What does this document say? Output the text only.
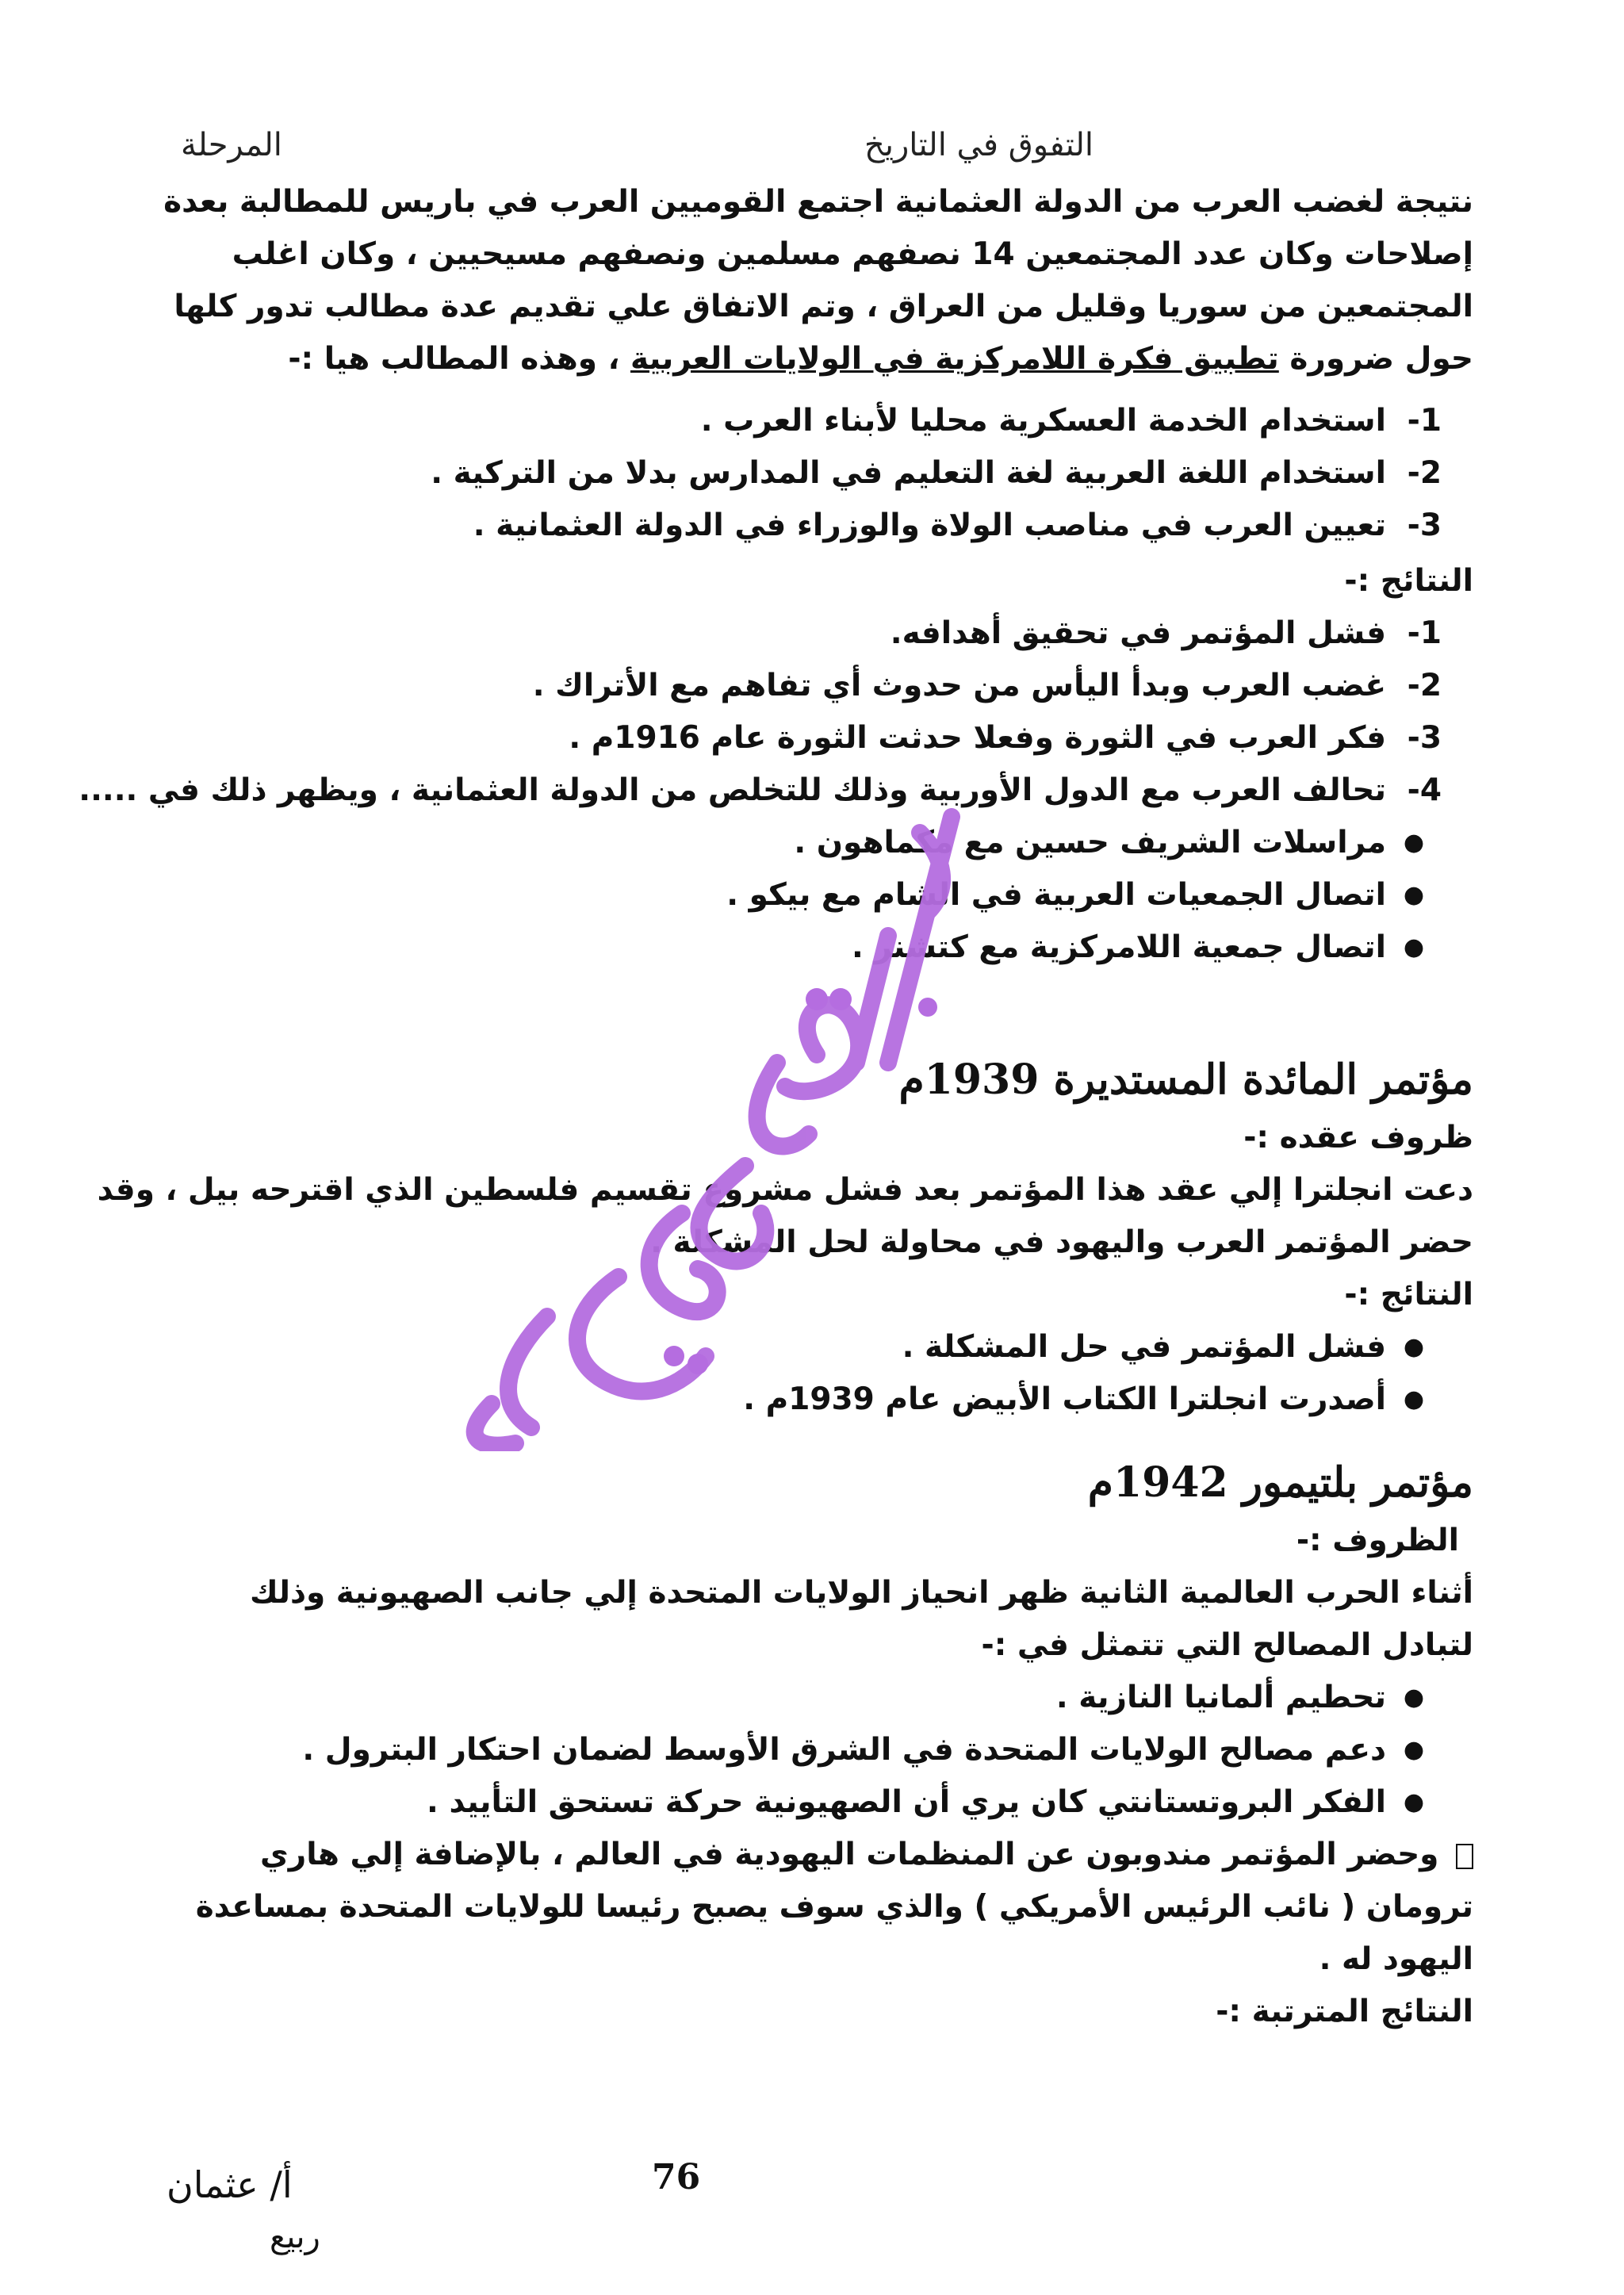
المرحلة	التفوق في التاريخ

نتيجة لغضب العرب من الدولة العثمانية اجتمع القوميين العرب في باريس للمطالبة بعدة

إصلاحات وكان عدد المجتمعين 14 نصفهم مسلمين ونصفهم مسيحيين ، وكان اغلب

المجتمعين من سوريا وقليل من العراق ، وتم الاتفاق علي تقديم عدة مطالب تدور كلها

حول ضرورة تطبيق فكرة اللامركزية في الولايات العربية ، وهذه المطالب هيا :-

1-
استخدام الخدمة العسكرية محليا لأبناء العرب .
2-
استخدام اللغة العربية لغة التعليم في المدارس بدلا من التركية .
3-
تعيين العرب في مناصب الولاة والوزراء في الدولة العثمانية .

النتائج :-

1-
فشل المؤتمر في تحقيق أهدافه.
2-
غضب العرب وبدأ اليأس من حدوث أي تفاهم مع الأتراك .
3-
فكر العرب في الثورة وفعلا حدثت الثورة عام 1916م .
4-
تحالف العرب مع الدول الأوربية وذلك للتخلص من الدولة العثمانية ، ويظهر ذلك في .....
●
مراسلات الشريف حسين مع مكماهون .
●
اتصال الجمعيات العربية في الشام مع بيكو .
●
اتصال جمعية اللامركزية مع كتشنر .

مؤتمر المائدة المستديرة 1939م

ظروف عقده :-

دعت انجلترا إلي عقد هذا المؤتمر بعد فشل مشروع تقسيم فلسطين الذي اقترحه بيل ، وقد

حضر المؤتمر العرب واليهود في محاولة لحل المشكلة .

النتائج :-

●
فشل المؤتمر في حل المشكلة .
●
أصدرت انجلترا الكتاب الأبيض عام 1939م .

مؤتمر بلتيمور 1942م

الظروف :-

أثناء الحرب العالمية الثانية ظهر انحياز الولايات المتحدة إلي جانب الصهيونية وذلك

لتبادل المصالح التي تتمثل في :-

●
تحطيم ألمانيا النازية .
●
دعم مصالح الولايات المتحدة في الشرق الأوسط لضمان احتكار البترول .
●
الفكر البروتستانتي كان يري أن الصهيونية حركة تستحق التأييد .

وحضر المؤتمر مندوبون عن المنظمات اليهودية في العالم ، بالإضافة إلي هاري

ترومان ( نائب الرئيس الأمريكي ) والذي سوف يصبح رئيسا للولايات المتحدة بمساعدة

اليهود له .

النتائج المترتبة :-

76
أ/ عثمان
ربيع
